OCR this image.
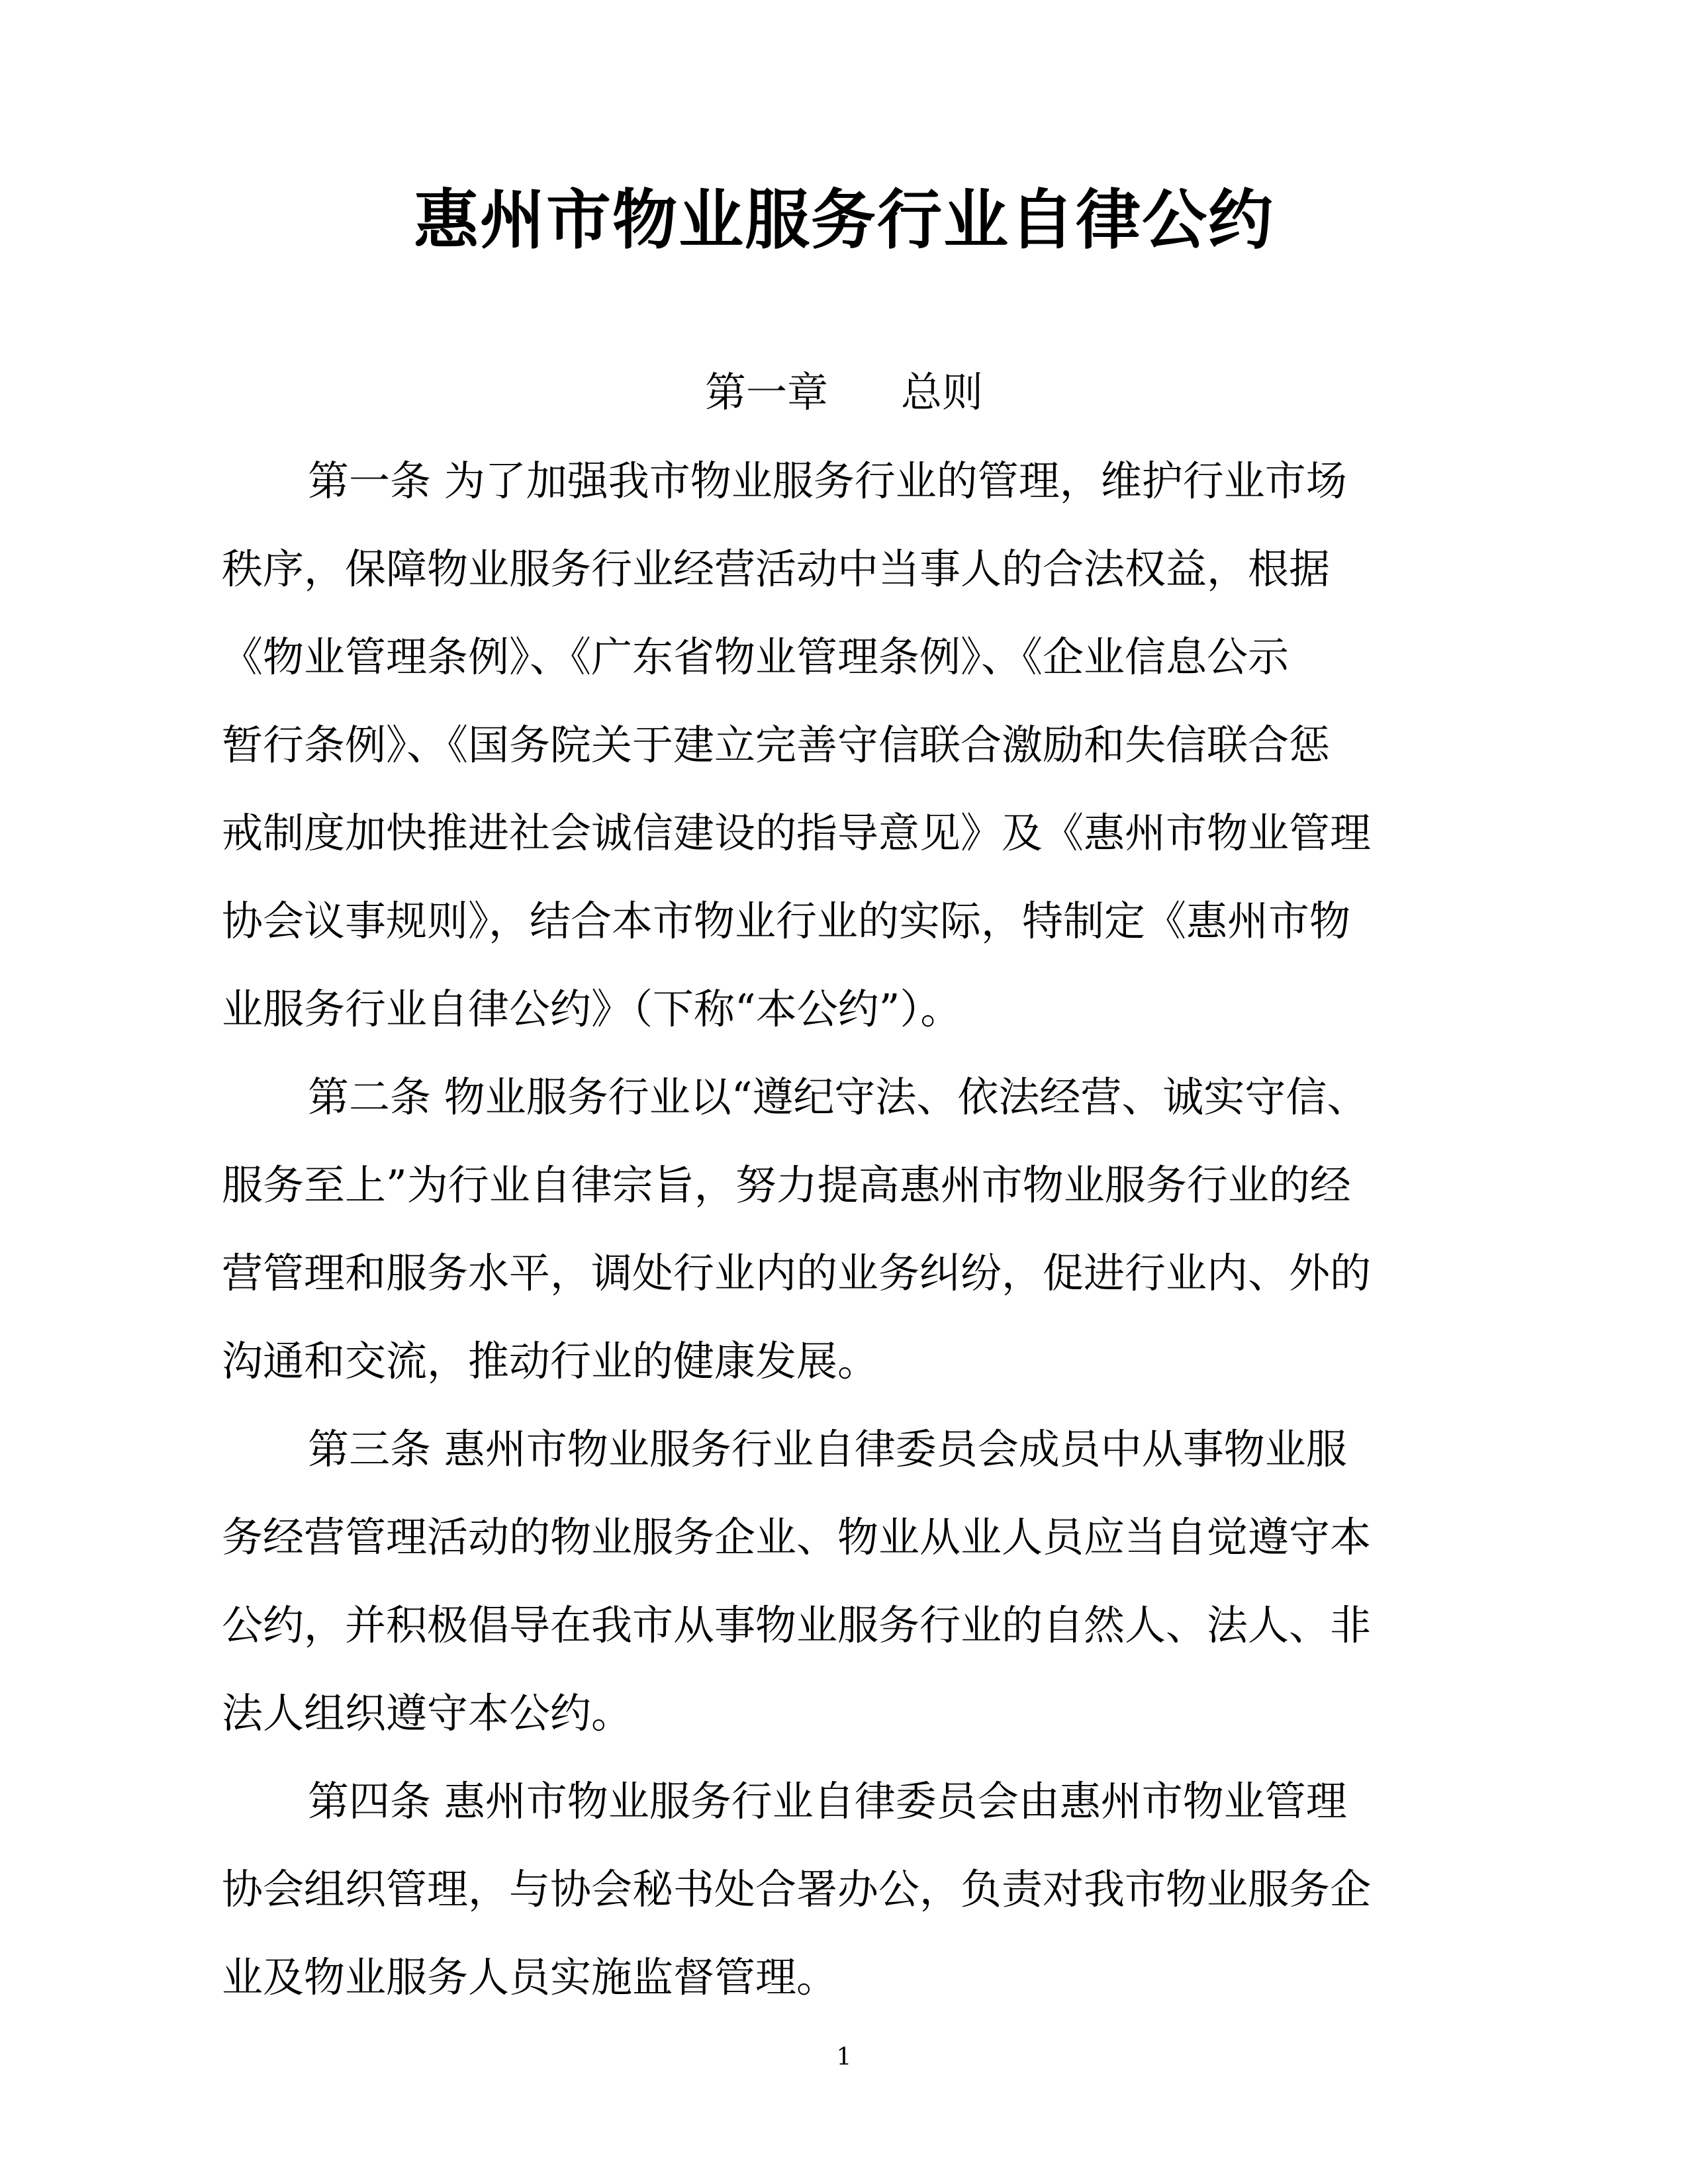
惠州市物业服务行业自律公约
第一章 总则
第一条 为了加强我市物业服务行业的管理，维护行业市场
秩序，保障物业服务行业经营活动中当事人的合法权益，根据
《物业管理条例》、《广东省物业管理条例》、《企业信息公示
暂行条例》、《国务院关于建立完善守信联合激励和失信联合惩
戒制度加快推进社会诚信建设的指导意见》及《惠州市物业管理
协会议事规则》，结合本市物业行业的实际，特制定《惠州市物
业服务行业自律公约》（下称“本公约”）。
第二条 物业服务行业以“遵纪守法、依法经营、诚实守信、
服务至上”为行业自律宗旨，努力提高惠州市物业服务行业的经
营管理和服务水平，调处行业内的业务纠纷，促进行业内、外的
沟通和交流，推动行业的健康发展。
第三条 惠州市物业服务行业自律委员会成员中从事物业服
务经营管理活动的物业服务企业、物业从业人员应当自觉遵守本
公约，并积极倡导在我市从事物业服务行业的自然人、法人、非
法人组织遵守本公约。
第四条 惠州市物业服务行业自律委员会由惠州市物业管理
协会组织管理，与协会秘书处合署办公，负责对我市物业服务企
业及物业服务人员实施监督管理。
1
